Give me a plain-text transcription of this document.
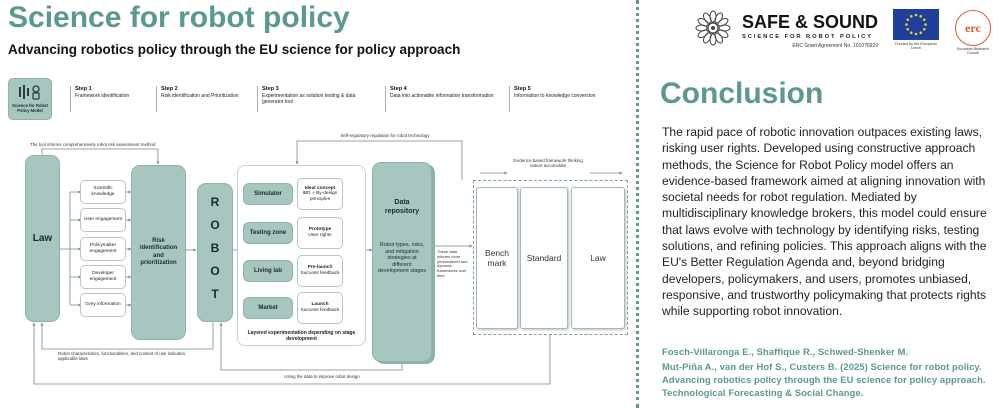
Science for robot policy
Advancing robotics policy through the EU science for policy approach
Science for Robot Policy Model
Step 1
Framework identification
Step 2
Risk identification and Prioritization
Step 3
Experimentation as solution testing & data generator tool
Step 4
Data into actionable information transformation
Step 5
Information to knowledge conversion
The tool informs comprehensively robot risk assessment method
Self-regulatory regulation for robot technology
Law
Scientific knowledge
User engagement
Policymaker engagement
Developer engagement
Grey information
Risk identification and prioritization	ROBOT
Simulator
Ideal concept
IBD + By-design principles
Testing zone
Prototype
User rights
Living lab
Pre-launch
Success feedback
Market
Launch
Success feedback
Layered experimentation depending on stage development
Data repository
Robot types, risks, and mitigation strategies at different development stages
These data informs more personalized and dynamic frameworks over time
Evidence-based framework thinking nature accumulate
Bench mark	Standard	Law
Robot characteristics, functionalities, and context of use indicates applicable laws
Using the data to improve robot design
SAFE & SOUND
SCIENCE FOR ROBOT POLICY
ERC Grant Agreement No. 101076929	Funded by the European Union
erc
European Research Council
Conclusion
The rapid pace of robotic innovation outpaces existing laws,
risking user rights. Developed using constructive approach
methods, the Science for Robot Policy model offers an
evidence-based framework aimed at aligning innovation with
societal needs for robot regulation. Mediated by
multidisciplinary knowledge brokers, this model could ensure
that laws evolve with technology by identifying risks, testing
solutions, and refining policies. This approach aligns with the
EU's Better Regulation Agenda and, beyond bridging
developers, policymakers, and users, promotes unbiased,
responsive, and trustworthy policymaking that protects rights
while supporting robot innovation.
Fosch-Villaronga E., Shaffique R., Schwed-Shenker M.
Mut-Piña A., van der Hof S., Custers B. (2025) Science for robot policy.
Advancing robotics policy through the EU science for policy approach.
Technological Forecasting & Social Change.
